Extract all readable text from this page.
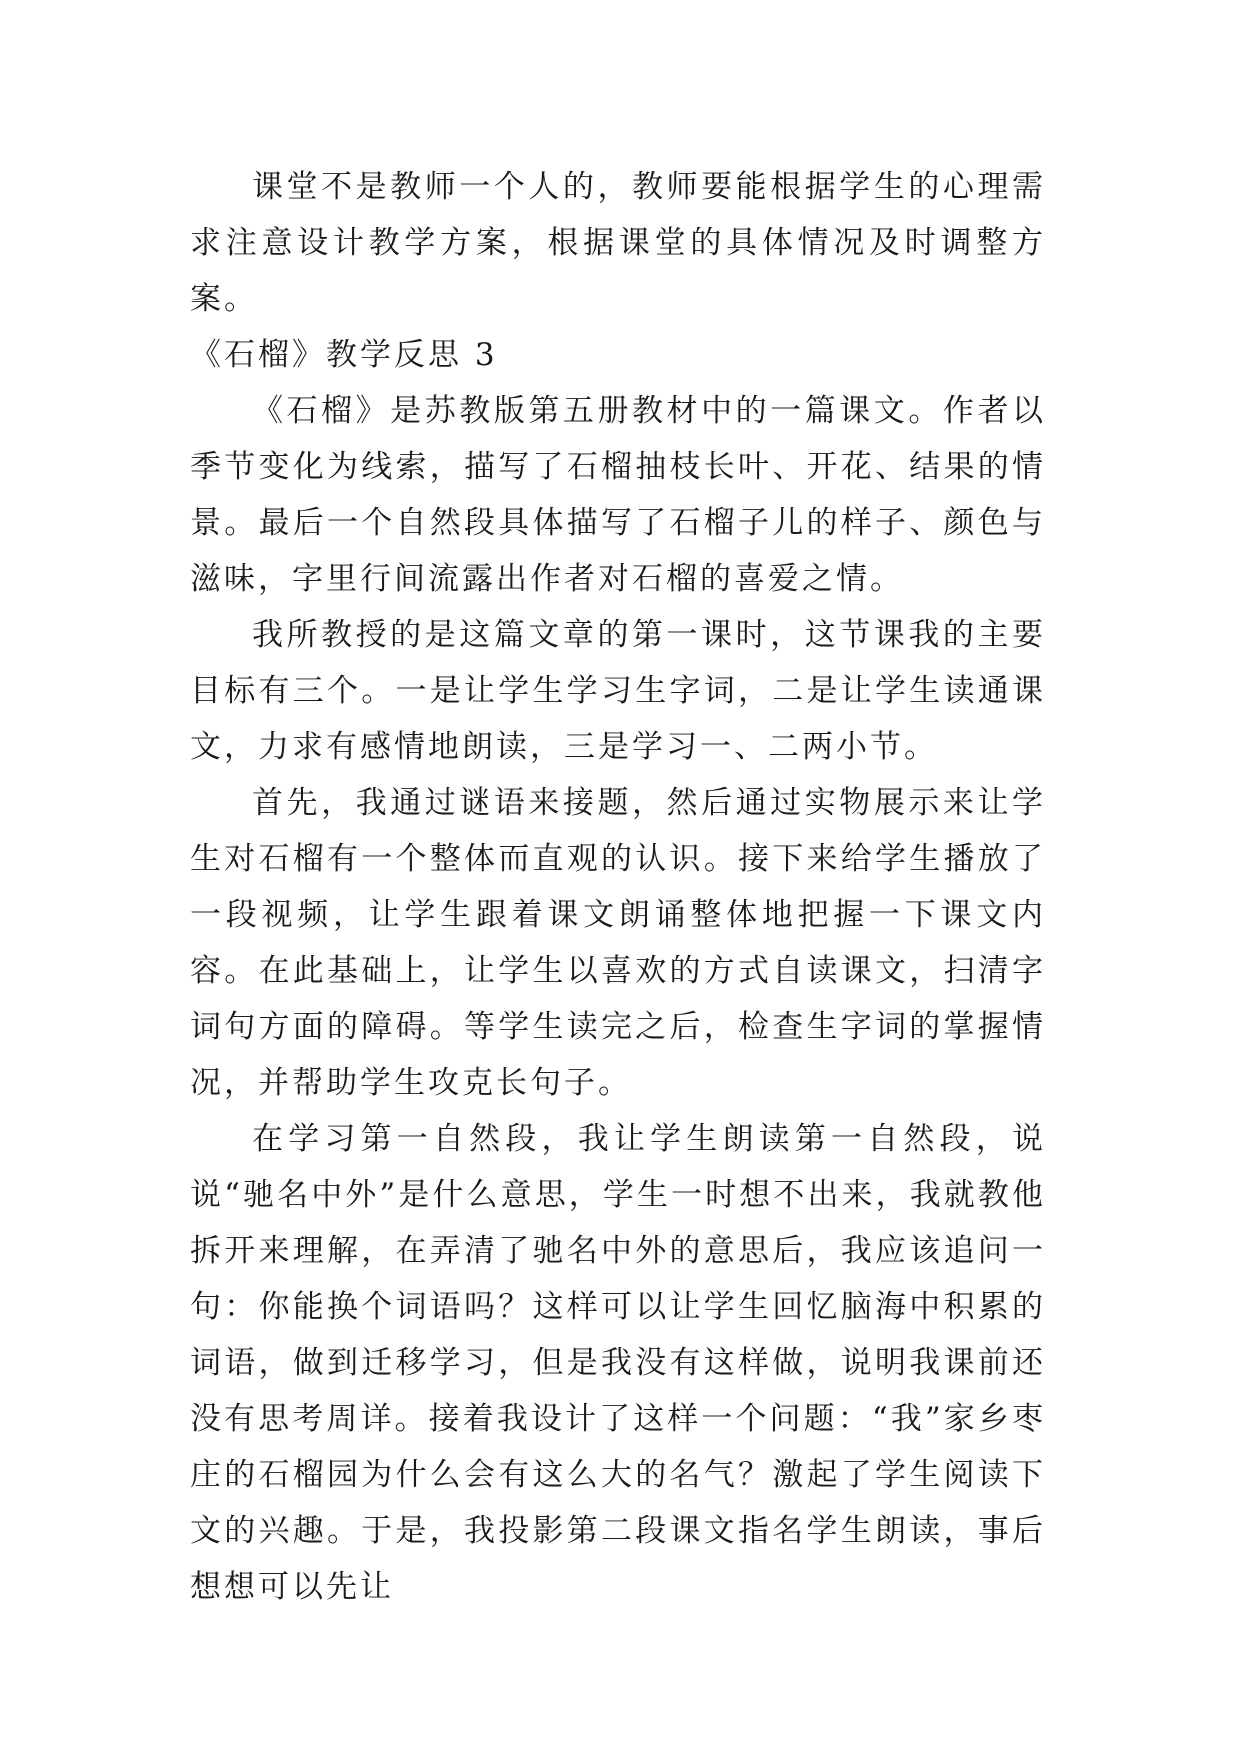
课堂不是教师一个人的，教师要能根据学生的心理需求注意设计教学方案，根据课堂的具体情况及时调整方案。

《石榴》教学反思 3

《石榴》是苏教版第五册教材中的一篇课文。作者以季节变化为线索，描写了石榴抽枝长叶、开花、结果的情景。最后一个自然段具体描写了石榴子儿的样子、颜色与滋味，字里行间流露出作者对石榴的喜爱之情。

我所教授的是这篇文章的第一课时，这节课我的主要目标有三个。一是让学生学习生字词，二是让学生读通课文，力求有感情地朗读，三是学习一、二两小节。

首先，我通过谜语来接题，然后通过实物展示来让学生对石榴有一个整体而直观的认识。接下来给学生播放了一段视频，让学生跟着课文朗诵整体地把握一下课文内容。在此基础上，让学生以喜欢的方式自读课文，扫清字词句方面的障碍。等学生读完之后，检查生字词的掌握情况，并帮助学生攻克长句子。

在学习第一自然段，我让学生朗读第一自然段，说说“驰名中外”是什么意思，学生一时想不出来，我就教他拆开来理解，在弄清了驰名中外的意思后，我应该追问一句：你能换个词语吗？这样可以让学生回忆脑海中积累的词语，做到迁移学习，但是我没有这样做，说明我课前还没有思考周详。接着我设计了这样一个问题：“我”家乡枣庄的石榴园为什么会有这么大的名气？激起了学生阅读下文的兴趣。于是，我投影第二段课文指名学生朗读，事后想想可以先让
